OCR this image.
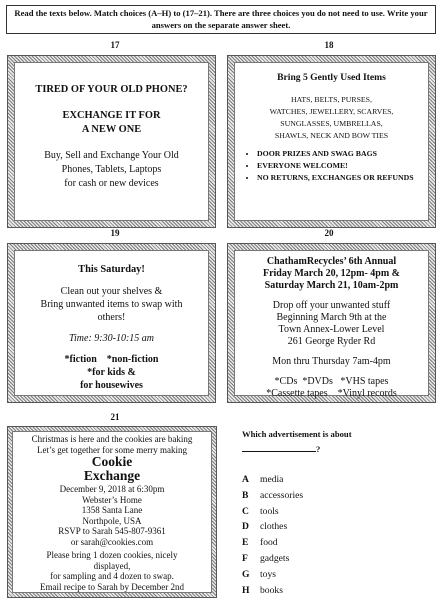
Read the texts below. Match choices (A–H) to (17–21). There are three choices you do not need to use. Write your answers on the separate answer sheet.
17

TIRED OF YOUR OLD PHONE?

EXCHANGE IT FOR

A NEW ONE

Buy, Sell and Exchange Your Old

Phones, Tablets, Laptops

for cash or new devices

18

Bring 5 Gently Used Items

HATS, BELTS, PURSES,

WATCHES, JEWELLERY, SCARVES,

SUNGLASSES, UMBRELLAS,

SHAWLS, NECK AND BOW TIES

• DOOR PRIZES AND SWAG BAGS
• EVERYONE WELCOME!
• NO RETURNS, EXCHANGES OR REFUNDS
19

This Saturday!

Clean out your shelves &

Bring unwanted items to swap with

others!

Time: 9:30-10:15 am

*fiction    *non-fiction

*for kids &

for housewives

20

ChathamRecycles’ 6th Annual

Friday March 20, 12pm- 4pm &

Saturday March 21, 10am-2pm

Drop off your unwanted stuff

Beginning March 9th at the

Town Annex-Lower Level

261 George Ryder Rd

Mon thru Thursday 7am-4pm

*CDs  *DVDs   *VHS tapes

*Cassette tapes    *Vinyl records

21

Christmas is here and the cookies are baking

Let’s get together for some merry making

Cookie

Exchange

December 9, 2018 at 6:30pm

Webster’s Home

1358 Santa Lane

Northpole, USA

RSVP to Sarah 545-807-9361

or sarah@cookies.com

Please bring 1 dozen cookies, nicely

displayed,

for sampling and 4 dozen to swap.

Email recipe to Sarah by December 2nd

Which advertisement is about
?
A media
B accessories
C tools
D clothes
E food
F gadgets
G toys
H books
